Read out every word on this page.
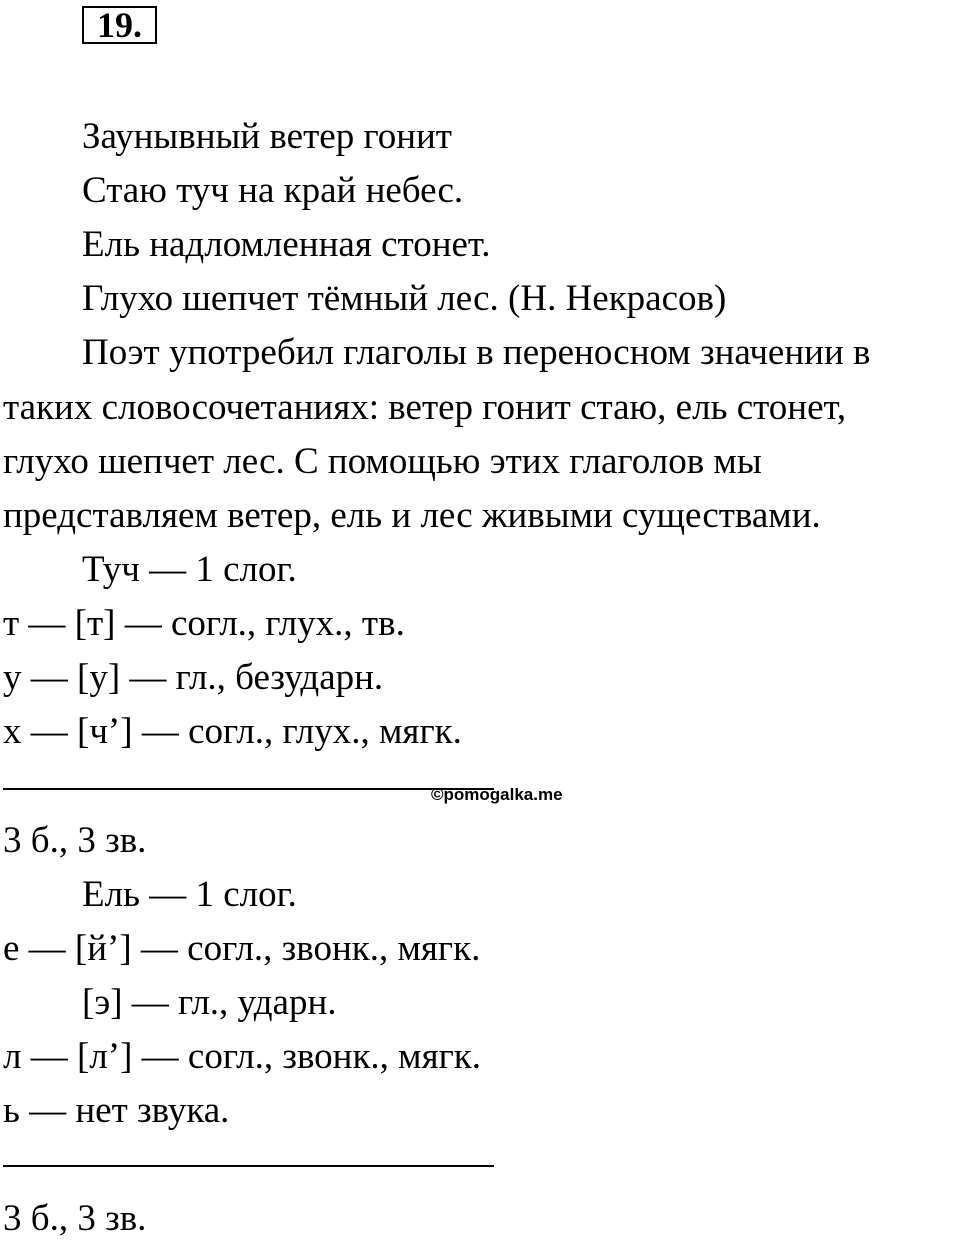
19.

Заунывный ветер гонит

Стаю туч на край небес.

Ель надломленная стонет.

Глухо шепчет тёмный лес. (Н. Некрасов)

Поэт употребил глаголы в переносном значении в

таких словосочетаниях: ветер гонит стаю, ель стонет,

глухо шепчет лес. С помощью этих глаголов мы

представляем ветер, ель и лес живыми существами.

Туч — 1 слог.

т — [т] — согл., глух., тв.

у — [у] — гл., безударн.

х — [ч’] — согл., глух., мягк.

©pomogalka.me

3 б., 3 зв.

Ель — 1 слог.

е — [й’] — согл., звонк., мягк.

[э] — гл., ударн.

л — [л’] — согл., звонк., мягк.

ь — нет звука.

3 б., 3 зв.
